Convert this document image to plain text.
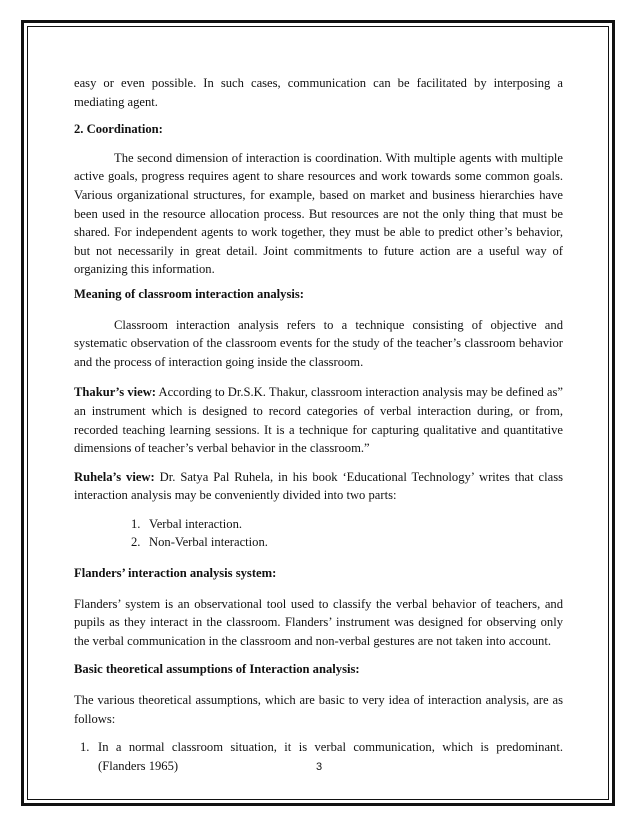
easy or even possible. In such cases, communication can be facilitated by interposing a mediating agent.

2. Coordination:

The second dimension of interaction is coordination. With multiple agents with multiple active goals, progress requires agent to share resources and work towards some common goals. Various organizational structures, for example, based on market and business hierarchies have been used in the resource allocation process. But resources are not the only thing that must be shared. For independent agents to work together, they must be able to predict other’s behavior, but not necessarily in great detail. Joint commitments to future action are a useful way of organizing this information.

Meaning of classroom interaction analysis:

Classroom interaction analysis refers to a technique consisting of objective and systematic observation of the classroom events for the study of the teacher’s classroom behavior and the process of interaction going inside the classroom.

Thakur’s view: According to Dr.S.K. Thakur, classroom interaction analysis may be defined as” an instrument which is designed to record categories of verbal interaction during, or from, recorded teaching learning sessions. It is a technique for capturing qualitative and quantitative dimensions of teacher’s verbal behavior in the classroom.”

Ruhela’s view: Dr. Satya Pal Ruhela, in his book ‘Educational Technology’ writes that class interaction analysis may be conveniently divided into two parts:

1. Verbal interaction.
2. Non-Verbal interaction.

Flanders’ interaction analysis system:

Flanders’ system is an observational tool used to classify the verbal behavior of teachers, and pupils as they interact in the classroom. Flanders’ instrument was designed for observing only the verbal communication in the classroom and non-verbal gestures are not taken into account.

Basic theoretical assumptions of Interaction analysis:

The various theoretical assumptions, which are basic to very idea of interaction analysis, are as follows:

1. In a normal classroom situation, it is verbal communication, which is predominant. (Flanders 1965)	3
